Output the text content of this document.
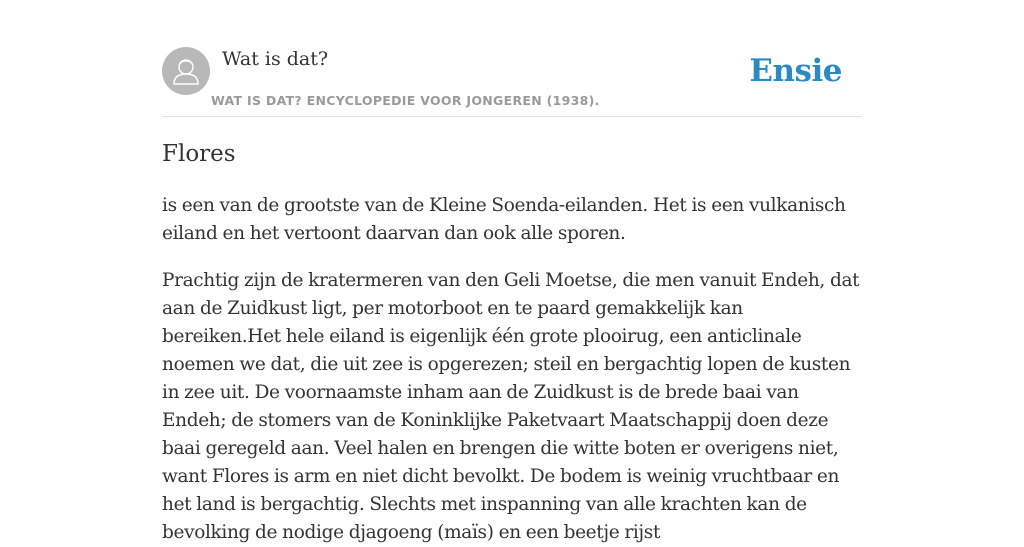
Wat is dat?
WAT IS DAT? ENCYCLOPEDIE VOOR JONGEREN (1938).
Ensie
Flores

is een van de grootste van de Kleine Soenda-eilanden. Het is een vulkanisch eiland en het vertoont daarvan dan ook alle sporen.

Prachtig zijn de kratermeren van den Geli Moetse, die men vanuit Endeh, dat aan de Zuidkust ligt, per motorboot en te paard gemakkelijk kan bereiken.Het hele eiland is eigenlijk één grote plooirug, een anticlinale noemen we dat, die uit zee is opgerezen; steil en bergachtig lopen de kusten in zee uit. De voornaamste inham aan de Zuidkust is de brede baai van Endeh; de stomers van de Koninklijke Paketvaart Maatschappij doen deze baai geregeld aan. Veel halen en brengen die witte boten er overigens niet, want Flores is arm en niet dicht bevolkt. De bodem is weinig vruchtbaar en het land is bergachtig. Slechts met inspanning van alle krachten kan de bevolking de nodige djagoeng (maïs) en een beetje rijst
